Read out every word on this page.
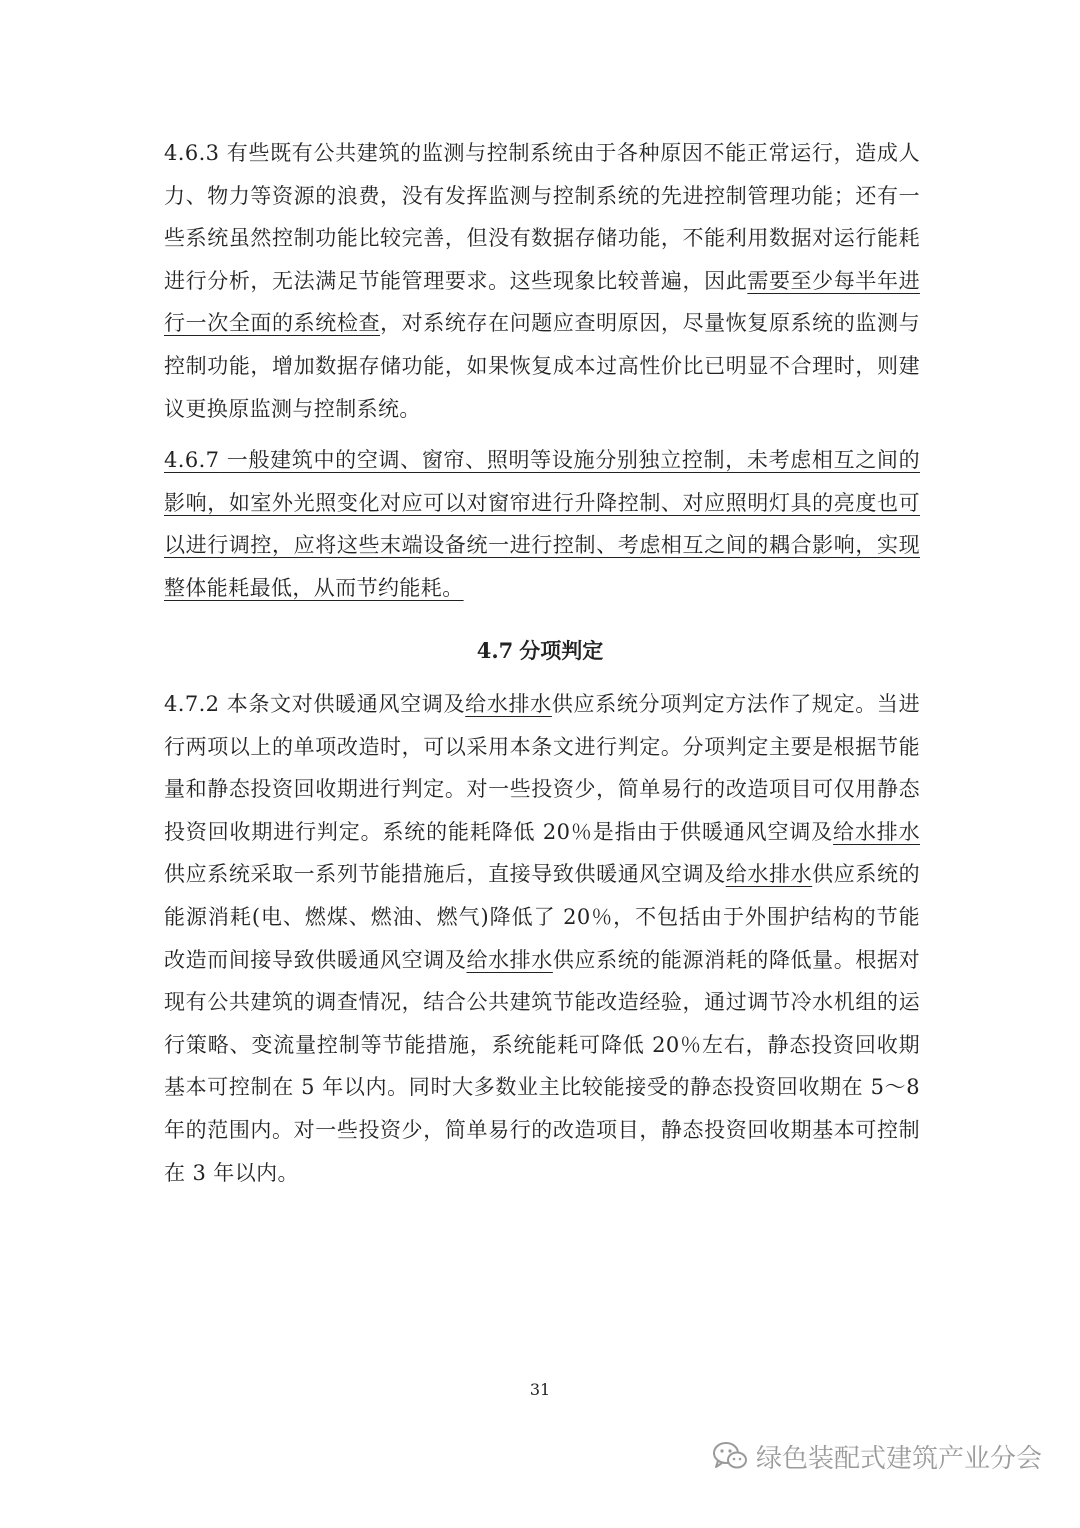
4.6.3 有些既有公共建筑的监测与控制系统由于各种原因不能正常运行，造成人力、物力等资源的浪费，没有发挥监测与控制系统的先进控制管理功能；还有一些系统虽然控制功能比较完善，但没有数据存储功能，不能利用数据对运行能耗进行分析，无法满足节能管理要求。这些现象比较普遍，因此需要至少每半年进行一次全面的系统检查，对系统存在问题应查明原因，尽量恢复原系统的监测与控制功能，增加数据存储功能，如果恢复成本过高性价比已明显不合理时，则建议更换原监测与控制系统。

4.6.7 一般建筑中的空调、窗帘、照明等设施分别独立控制，未考虑相互之间的影响，如室外光照变化对应可以对窗帘进行升降控制、对应照明灯具的亮度也可以进行调控，应将这些末端设备统一进行控制、考虑相互之间的耦合影响，实现整体能耗最低，从而节约能耗。

4.7 分项判定

4.7.2 本条文对供暖通风空调及给水排水供应系统分项判定方法作了规定。当进行两项以上的单项改造时，可以采用本条文进行判定。分项判定主要是根据节能量和静态投资回收期进行判定。对一些投资少，简单易行的改造项目可仅用静态投资回收期进行判定。系统的能耗降低 20％是指由于供暖通风空调及给水排水供应系统采取一系列节能措施后，直接导致供暖通风空调及给水排水供应系统的能源消耗(电、燃煤、燃油、燃气)降低了 20％，不包括由于外围护结构的节能改造而间接导致供暖通风空调及给水排水供应系统的能源消耗的降低量。根据对现有公共建筑的调查情况，结合公共建筑节能改造经验，通过调节冷水机组的运行策略、变流量控制等节能措施，系统能耗可降低 20％左右，静态投资回收期基本可控制在 5 年以内。同时大多数业主比较能接受的静态投资回收期在 5～8 年的范围内。对一些投资少，简单易行的改造项目，静态投资回收期基本可控制在 3 年以内。

31
绿色装配式建筑产业分会
